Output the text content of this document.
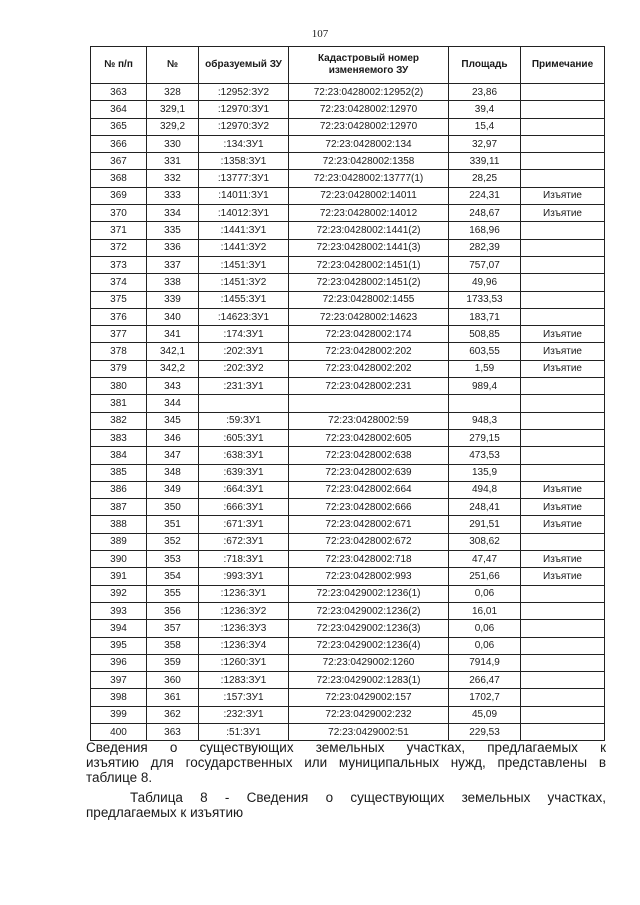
107
№ п/п	№	образуемый ЗУ	Кадастровый номер изменяемого ЗУ	Площадь	Примечание
363	328	:12952:ЗУ2	72:23:0428002:12952(2)	23,86	
364	329,1	:12970:ЗУ1	72:23:0428002:12970	39,4	
365	329,2	:12970:ЗУ2	72:23:0428002:12970	15,4	
366	330	:134:ЗУ1	72:23:0428002:134	32,97	
367	331	:1358:ЗУ1	72:23:0428002:1358	339,11	
368	332	:13777:ЗУ1	72:23:0428002:13777(1)	28,25	
369	333	:14011:ЗУ1	72:23:0428002:14011	224,31	Изъятие
370	334	:14012:ЗУ1	72:23:0428002:14012	248,67	Изъятие
371	335	:1441:ЗУ1	72:23:0428002:1441(2)	168,96	
372	336	:1441:ЗУ2	72:23:0428002:1441(3)	282,39	
373	337	:1451:ЗУ1	72:23:0428002:1451(1)	757,07	
374	338	:1451:ЗУ2	72:23:0428002:1451(2)	49,96	
375	339	:1455:ЗУ1	72:23:0428002:1455	1733,53	
376	340	:14623:ЗУ1	72:23:0428002:14623	183,71	
377	341	:174:ЗУ1	72:23:0428002:174	508,85	Изъятие
378	342,1	:202:ЗУ1	72:23:0428002:202	603,55	Изъятие
379	342,2	:202:ЗУ2	72:23:0428002:202	1,59	Изъятие
380	343	:231:ЗУ1	72:23:0428002:231	989,4	
381	344				
382	345	:59:ЗУ1	72:23:0428002:59	948,3	
383	346	:605:ЗУ1	72:23:0428002:605	279,15	
384	347	:638:ЗУ1	72:23:0428002:638	473,53	
385	348	:639:ЗУ1	72:23:0428002:639	135,9	
386	349	:664:ЗУ1	72:23:0428002:664	494,8	Изъятие
387	350	:666:ЗУ1	72:23:0428002:666	248,41	Изъятие
388	351	:671:ЗУ1	72:23:0428002:671	291,51	Изъятие
389	352	:672:ЗУ1	72:23:0428002:672	308,62	
390	353	:718:ЗУ1	72:23:0428002:718	47,47	Изъятие
391	354	:993:ЗУ1	72:23:0428002:993	251,66	Изъятие
392	355	:1236:ЗУ1	72:23:0429002:1236(1)	0,06	
393	356	:1236:ЗУ2	72:23:0429002:1236(2)	16,01	
394	357	:1236:ЗУ3	72:23:0429002:1236(3)	0,06	
395	358	:1236:ЗУ4	72:23:0429002:1236(4)	0,06	
396	359	:1260:ЗУ1	72:23:0429002:1260	7914,9	
397	360	:1283:ЗУ1	72:23:0429002:1283(1)	266,47	
398	361	:157:ЗУ1	72:23:0429002:157	1702,7	
399	362	:232:ЗУ1	72:23:0429002:232	45,09	
400	363	:51:ЗУ1	72:23:0429002:51	229,53	
Сведения о существующих земельных участках, предлагаемых к
изъятию для государственных или муниципальных нужд, представлены в
таблице 8.
Таблица 8 - Сведения о существующих земельных участках,
предлагаемых к изъятию
